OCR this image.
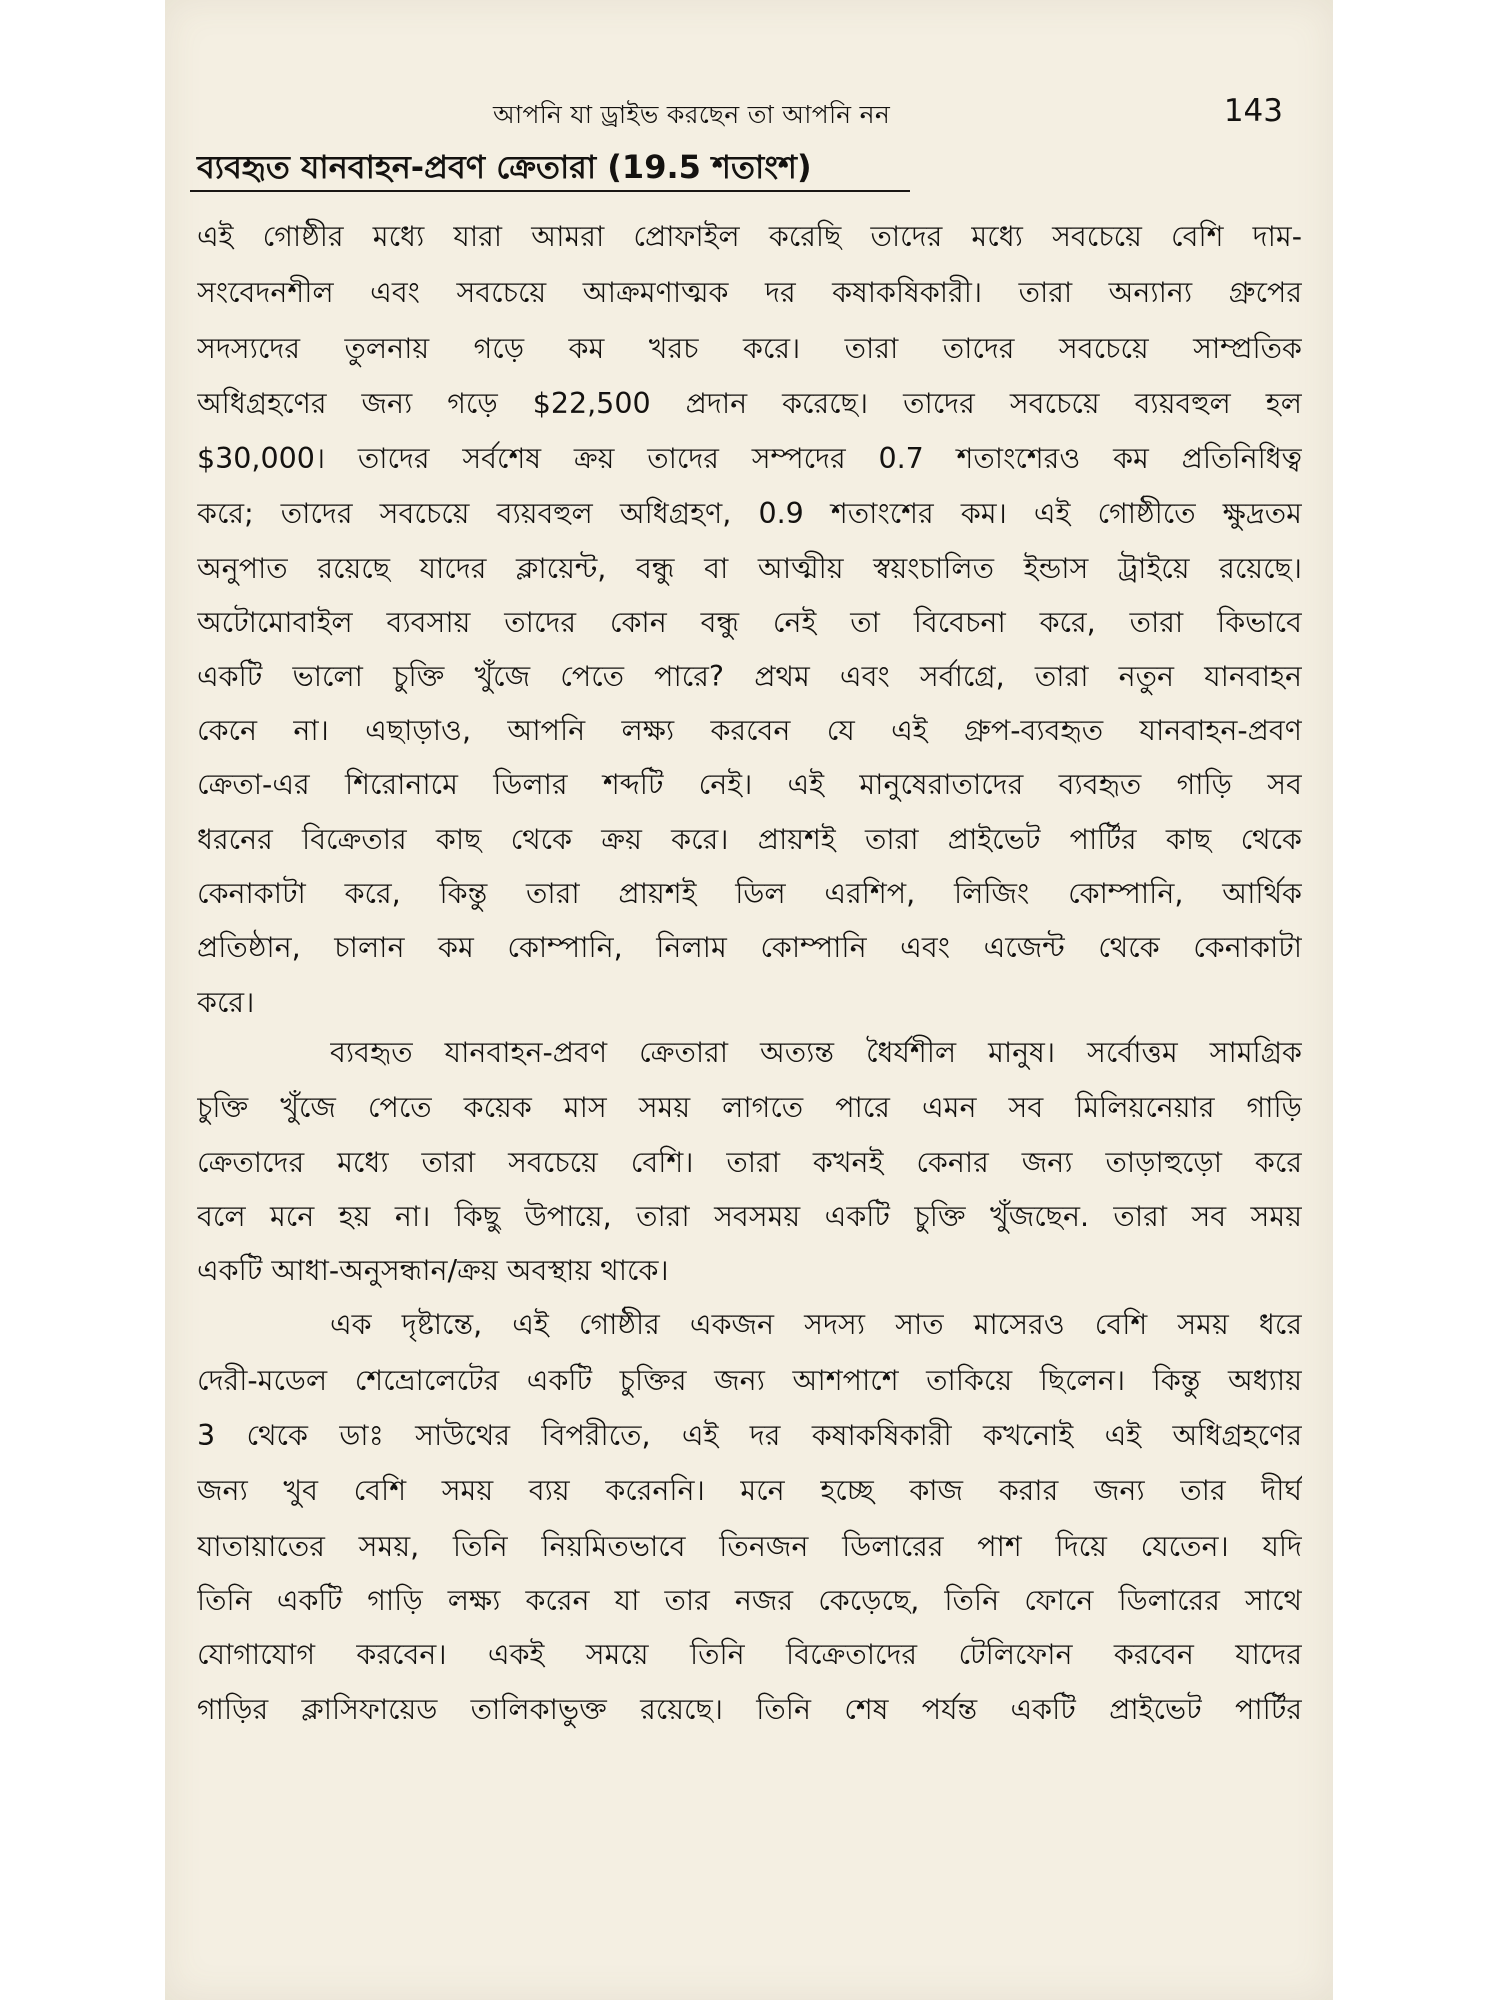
আপনি যা ড্রাইভ করছেন তা আপনি নন	143
ব্যবহৃত যানবাহন-প্রবণ ক্রেতারা (19.5 শতাংশ)
এই গোষ্ঠীর মধ্যে যারা আমরা প্রোফাইল করেছি তাদের মধ্যে সবচেয়ে বেশি দাম-
সংবেদনশীল এবং সবচেয়ে আক্রমণাত্মক দর কষাকষিকারী। তারা অন্যান্য গ্রুপের
সদস্যদের তুলনায় গড়ে কম খরচ করে। তারা তাদের সবচেয়ে সাম্প্রতিক
অধিগ্রহণের জন্য গড়ে $22,500 প্রদান করেছে। তাদের সবচেয়ে ব্যয়বহুল হল
$30,000। তাদের সর্বশেষ ক্রয় তাদের সম্পদের 0.7 শতাংশেরও কম প্রতিনিধিত্ব
করে; তাদের সবচেয়ে ব্যয়বহুল অধিগ্রহণ, 0.9 শতাংশের কম। এই গোষ্ঠীতে ক্ষুদ্রতম
অনুপাত রয়েছে যাদের ক্লায়েন্ট, বন্ধু বা আত্মীয় স্বয়ংচালিত ইন্ডাস ট্রাইয়ে রয়েছে।
অটোমোবাইল ব্যবসায় তাদের কোন বন্ধু নেই তা বিবেচনা করে, তারা কিভাবে
একটি ভালো চুক্তি খুঁজে পেতে পারে? প্রথম এবং সর্বাগ্রে, তারা নতুন যানবাহন
কেনে না। এছাড়াও, আপনি লক্ষ্য করবেন যে এই গ্রুপ-ব্যবহৃত যানবাহন-প্রবণ
ক্রেতা-এর শিরোনামে ডিলার শব্দটি নেই। এই মানুষেরাতাদের ব্যবহৃত গাড়ি সব
ধরনের বিক্রেতার কাছ থেকে ক্রয় করে। প্রায়শই তারা প্রাইভেট পার্টির কাছ থেকে
কেনাকাটা করে, কিন্তু তারা প্রায়শই ডিল এরশিপ, লিজিং কোম্পানি, আর্থিক
প্রতিষ্ঠান, চালান কম কোম্পানি, নিলাম কোম্পানি এবং এজেন্ট থেকে কেনাকাটা
করে।
ব্যবহৃত যানবাহন-প্রবণ ক্রেতারা অত্যন্ত ধৈর্যশীল মানুষ। সর্বোত্তম সামগ্রিক
চুক্তি খুঁজে পেতে কয়েক মাস সময় লাগতে পারে এমন সব মিলিয়নেয়ার গাড়ি
ক্রেতাদের মধ্যে তারা সবচেয়ে বেশি। তারা কখনই কেনার জন্য তাড়াহুড়ো করে
বলে মনে হয় না। কিছু উপায়ে, তারা সবসময় একটি চুক্তি খুঁজছেন. তারা সব সময়
একটি আধা-অনুসন্ধান/ক্রয় অবস্থায় থাকে।
এক দৃষ্টান্তে, এই গোষ্ঠীর একজন সদস্য সাত মাসেরও বেশি সময় ধরে
দেরী-মডেল শেভ্রোলেটের একটি চুক্তির জন্য আশপাশে তাকিয়ে ছিলেন। কিন্তু অধ্যায়
3 থেকে ডাঃ সাউথের বিপরীতে, এই দর কষাকষিকারী কখনোই এই অধিগ্রহণের
জন্য খুব বেশি সময় ব্যয় করেননি। মনে হচ্ছে কাজ করার জন্য তার দীর্ঘ
যাতায়াতের সময়, তিনি নিয়মিতভাবে তিনজন ডিলারের পাশ দিয়ে যেতেন। যদি
তিনি একটি গাড়ি লক্ষ্য করেন যা তার নজর কেড়েছে, তিনি ফোনে ডিলারের সাথে
যোগাযোগ করবেন। একই সময়ে তিনি বিক্রেতাদের টেলিফোন করবেন যাদের
গাড়ির ক্লাসিফায়েড তালিকাভুক্ত রয়েছে। তিনি শেষ পর্যন্ত একটি প্রাইভেট পার্টির
